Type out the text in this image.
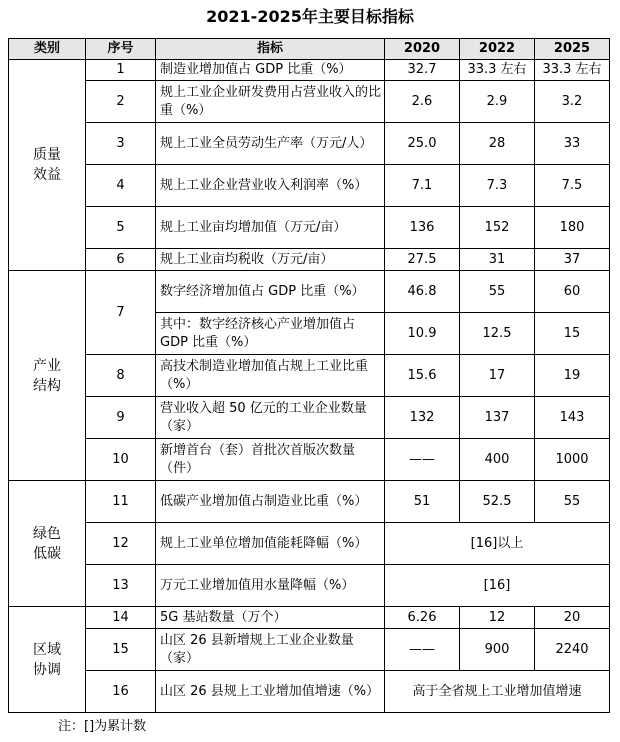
2021-2025年主要目标指标
类别	序号	指标	2020	2022	2025
质量效益	1	制造业增加值占 GDP 比重（%）	32.7	33.3 左右	33.3 左右
	2	规上工业企业研发费用占营业收入的比重（%）	2.6	2.9	3.2
	3	规上工业全员劳动生产率（万元/人）	25.0	28	33
	4	规上工业企业营业收入利润率（%）	7.1	7.3	7.5
	5	规上工业亩均增加值（万元/亩）	136	152	180
	6	规上工业亩均税收（万元/亩）	27.5	31	37
产业结构	7	数字经济增加值占 GDP 比重（%）	46.8	55	60
		其中：数字经济核心产业增加值占 GDP 比重（%）	10.9	12.5	15
	8	高技术制造业增加值占规上工业比重（%）	15.6	17	19
	9	营业收入超 50 亿元的工业企业数量（家）	132	137	143
	10	新增首台（套）首批次首版次数量（件）	——	400	1000
绿色低碳	11	低碳产业增加值占制造业比重（%）	51	52.5	55
	12	规上工业单位增加值能耗降幅（%）	[16]以上		
	13	万元工业增加值用水量降幅（%）	[16]		
区域协调	14	5G 基站数量（万个）	6.26	12	20
	15	山区 26 县新增规上工业企业数量（家）	——	900	2240
	16	山区 26 县规上工业增加值增速（%）	高于全省规上工业增加值增速		
注：[]为累计数
